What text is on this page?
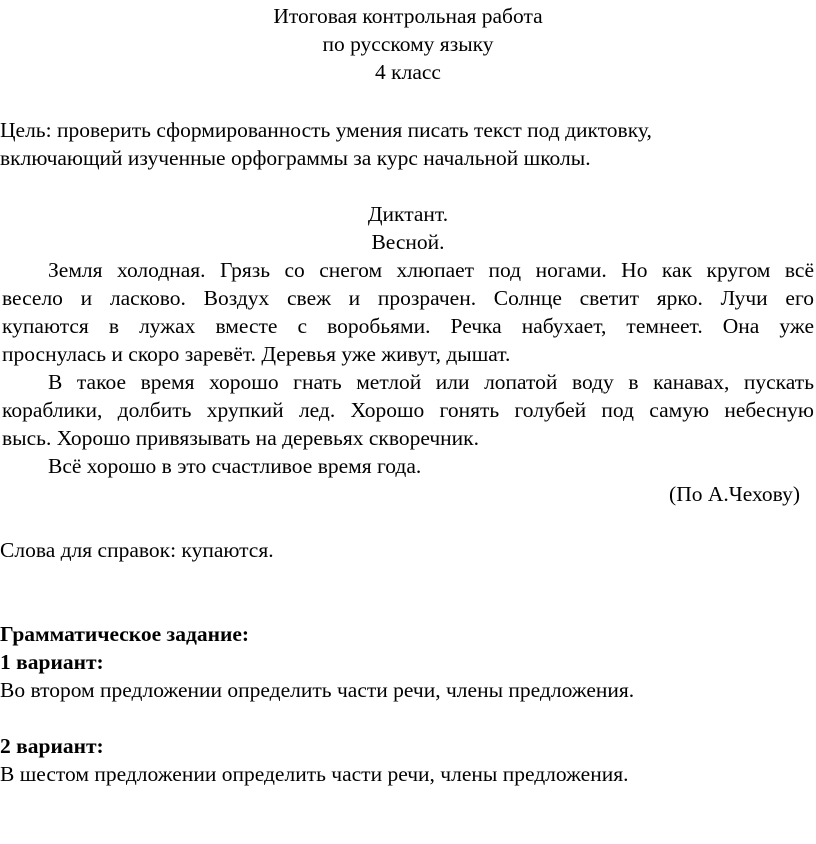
Итоговая контрольная работа
по русскому языку
4 класс
Цель: проверить сформированность умения писать текст под диктовку,
включающий изученные орфограммы за курс начальной школы.
Диктант.
Весной.
Земля холодная. Грязь со снегом хлюпает под ногами. Но как кругом всё
весело и ласково. Воздух свеж и прозрачен. Солнце светит ярко. Лучи его
купаются в лужах вместе с воробьями. Речка набухает, темнеет. Она уже
проснулась и скоро заревёт. Деревья уже живут, дышат.
В такое время хорошо гнать метлой или лопатой воду в канавах, пускать
кораблики, долбить хрупкий лед. Хорошо гонять голубей под самую небесную
высь. Хорошо привязывать на деревьях скворечник.
Всё хорошо в это счастливое время года.
(По А.Чехову)
Слова для справок: купаются.
Грамматическое задание:
1 вариант:
Во втором предложении определить части речи, члены предложения.
2 вариант:
В шестом предложении определить части речи, члены предложения.
